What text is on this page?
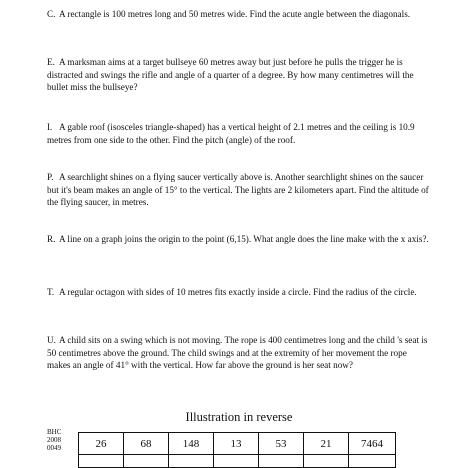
C. A rectangle is 100 metres long and 50 metres wide. Find the acute angle between the diagonals.

E. A marksman aims at a target bullseye 60 metres away but just before he pulls the trigger he is distracted and swings the rifle and angle of a quarter of a degree. By how many centimetres will the bullet miss the bullseye?

I. A gable roof (isosceles triangle-shaped) has a vertical height of 2.1 metres and the ceiling is 10.9 metres from one side to the other. Find the pitch (angle) of the roof.

P. A searchlight shines on a flying saucer vertically above is. Another searchlight shines on the saucer but it's beam makes an angle of 15° to the vertical. The lights are 2 kilometers apart. Find the altitude of the flying saucer, in metres.

R. A line on a graph joins the origin to the point (6,15). What angle does the line make with the x axis?.

T. A regular octagon with sides of 10 metres fits exactly inside a circle. Find the radius of the circle.

U. A child sits on a swing which is not moving. The rope is 400 centimetres long and the child 's seat is 50 centimetres above the ground. The child swings and at the extremity of her movement the rope makes an angle of 41° with the vertical. How far above the ground is her seat now?

Illustration in reverse

BHC
2008
0049	26	68	148	13	53	21	7464
